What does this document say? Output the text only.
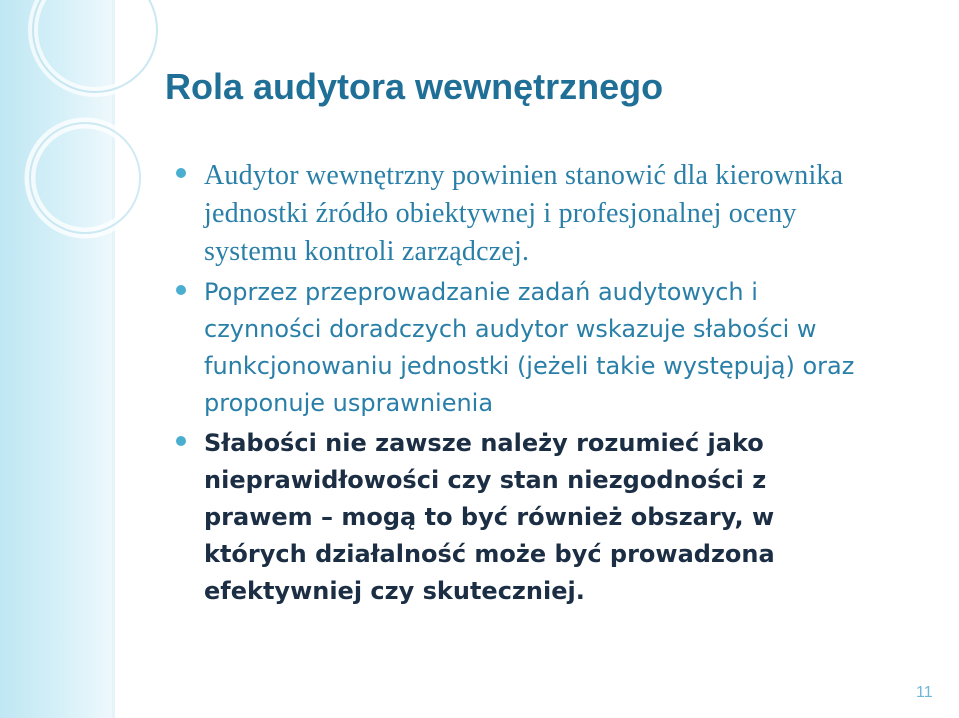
Rola audytora wewnętrznego
Audytor wewnętrzny powinien stanowić dla kierownika jednostki źródło obiektywnej i profesjonalnej oceny systemu kontroli zarządczej.
Poprzez przeprowadzanie zadań audytowych i czynności doradczych audytor wskazuje słabości w funkcjonowaniu jednostki (jeżeli takie występują) oraz proponuje usprawnienia
Słabości nie zawsze należy rozumieć jako nieprawidłowości czy stan niezgodności z prawem – mogą to być również obszary, w których działalność może być prowadzona efektywniej czy skuteczniej.
11
